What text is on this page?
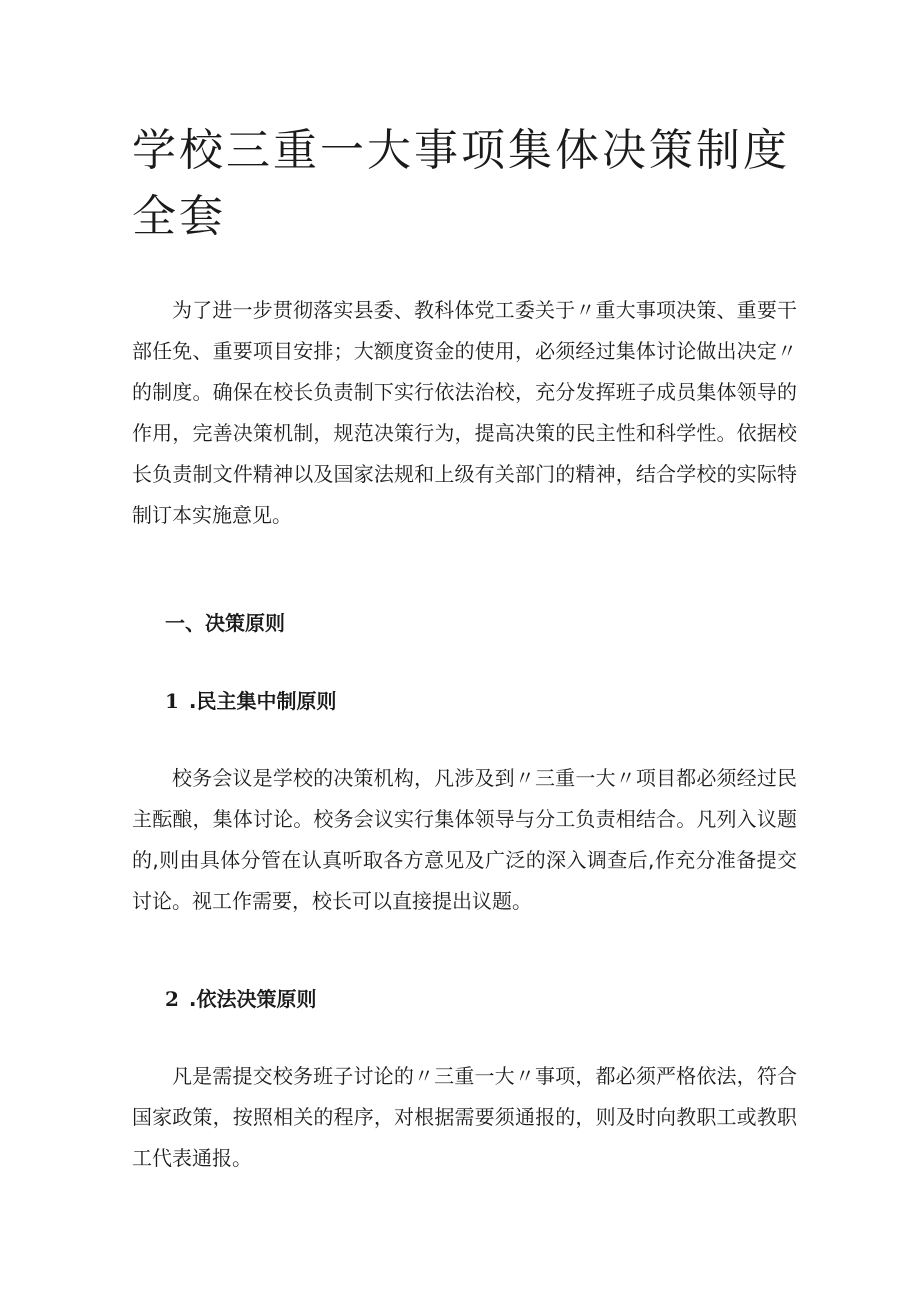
学校三重一大事项集体决策制度全套

为了进一步贯彻落实县委、教科体党工委关于〃重大事项决策、重要干部任免、重要项目安排；大额度资金的使用，必须经过集体讨论做出决定〃的制度。确保在校长负责制下实行依法治校，充分发挥班子成员集体领导的作用，完善决策机制，规范决策行为，提高决策的民主性和科学性。依据校长负责制文件精神以及国家法规和上级有关部门的精神，结合学校的实际特制订本实施意见。

一、决策原则
1 .民主集中制原则

校务会议是学校的决策机构，凡涉及到〃三重一大〃项目都必须经过民主酝酿，集体讨论。校务会议实行集体领导与分工负责相结合。凡列入议题的,则由具体分管在认真听取各方意见及广泛的深入调查后,作充分准备提交讨论。视工作需要，校长可以直接提出议题。

2 .依法决策原则

凡是需提交校务班子讨论的〃三重一大〃事项，都必须严格依法，符合国家政策，按照相关的程序，对根据需要须通报的，则及时向教职工或教职工代表通报。
